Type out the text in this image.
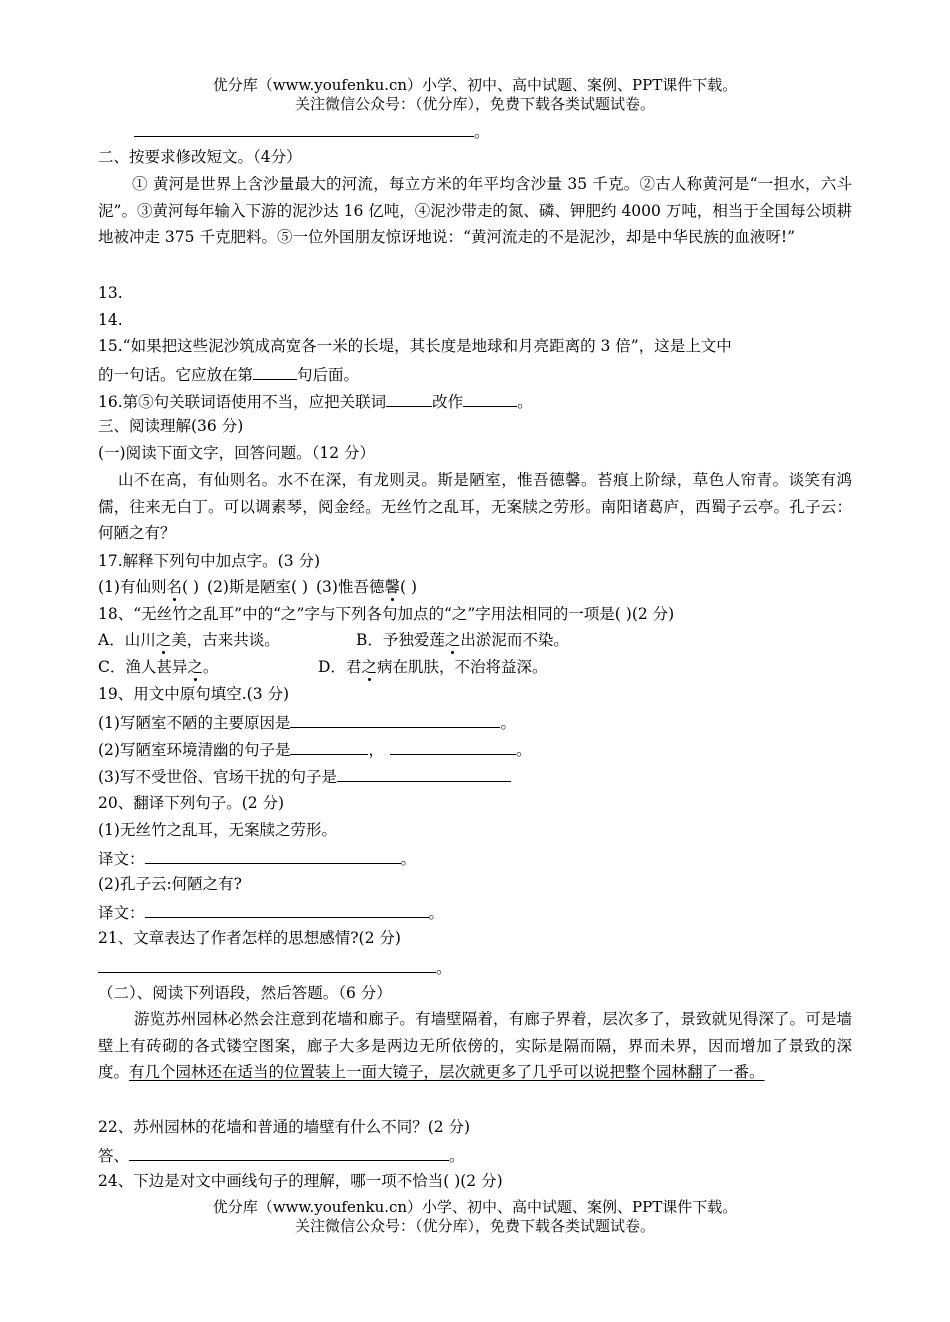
优分库（www.youfenku.cn）小学、初中、高中试题、案例、PPT课件下载。
关注微信公众号：（优分库），免费下载各类试题试卷。
。
二、按要求修改短文。（4分）
① 黄河是世界上含沙量最大的河流，每立方米的年平均含沙量 35 千克。②古人称黄河是“一担水，六斗泥”。③黄河每年输入下游的泥沙达 16 亿吨，④泥沙带走的氮、磷、钾肥约 4000 万吨，相当于全国每公顷耕地被冲走 375 千克肥料。⑤一位外国朋友惊讶地说：“黄河流走的不是泥沙，却是中华民族的血液呀!”
13.
14.
15.“如果把这些泥沙筑成高宽各一米的长堤，其长度是地球和月亮距离的 3 倍”，这是上文中
的一句话。它应放在第	句后面。
16.第⑤句关联词语使用不当，应把关联词	改作	。
三、阅读理解(36 分)
(一)阅读下面文字，回答问题。（12 分）
山不在高，有仙则名。水不在深，有龙则灵。斯是陋室，惟吾德馨。苔痕上阶绿，草色人帘青。谈笑有鸿儒，往来无白丁。可以调素琴，阅金经。无丝竹之乱耳，无案牍之劳形。南阳诸葛庐，西蜀子云亭。孔子云：何陋之有？
17.解释下列句中加点字。(3 分)
(1)有仙则名( ) (2)斯是陋室( ) (3)惟吾德馨( )
18、“无丝竹之乱耳”中的“之”字与下列各句加点的“之”字用法相同的一项是( )(2 分)
A．山川之美，古来共谈。	B．予独爱莲之出淤泥而不染。
C．渔人甚异之。	D．君之病在肌肤，不治将益深。
19、用文中原句填空.(3 分)
(1)写陋室不陋的主要原因是	。
(2)写陋室环境清幽的句子是	，	。
(3)写不受世俗、官场干扰的句子是
20、翻译下列句子。(2 分)
(1)无丝竹之乱耳，无案牍之劳形。
译文：	。
(2)孔子云:何陋之有?
译文：	。
21、文章表达了作者怎样的思想感情?(2 分)
。
（二）、阅读下列语段，然后答题。（6 分）
游览苏州园林必然会注意到花墙和廊子。有墙壁隔着，有廊子界着，层次多了，景致就见得深了。可是墙壁上有砖砌的各式镂空图案，廊子大多是两边无所依傍的，实际是隔而隔，界而未界，因而增加了景致的深度。有几个园林还在适当的位置装上一面大镜子，层次就更多了几乎可以说把整个园林翻了一番。
22、苏州园林的花墙和普通的墙壁有什么不同？(2 分)
答、	。
24、下边是对文中画线句子的理解，哪一项不恰当( )(2 分)
优分库（www.youfenku.cn）小学、初中、高中试题、案例、PPT课件下载。
关注微信公众号：（优分库），免费下载各类试题试卷。
